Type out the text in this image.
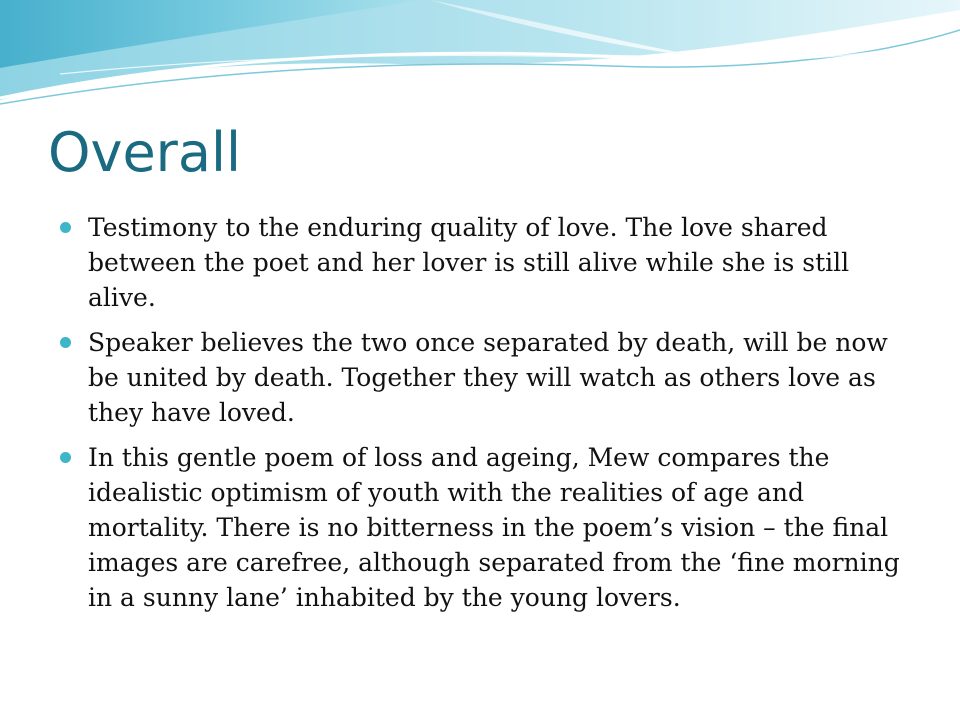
Overall
Testimony to the enduring quality of love. The love shared between the poet and her lover is still alive while she is still alive.
Speaker believes the two once separated by death, will be now be united by death. Together they will watch as others love as they have loved.
In this gentle poem of loss and ageing, Mew compares the idealistic optimism of youth with the realities of age and mortality. There is no bitterness in the poem’s vision – the final images are carefree, although separated from the ‘fine morning in a sunny lane’ inhabited by the young lovers.
